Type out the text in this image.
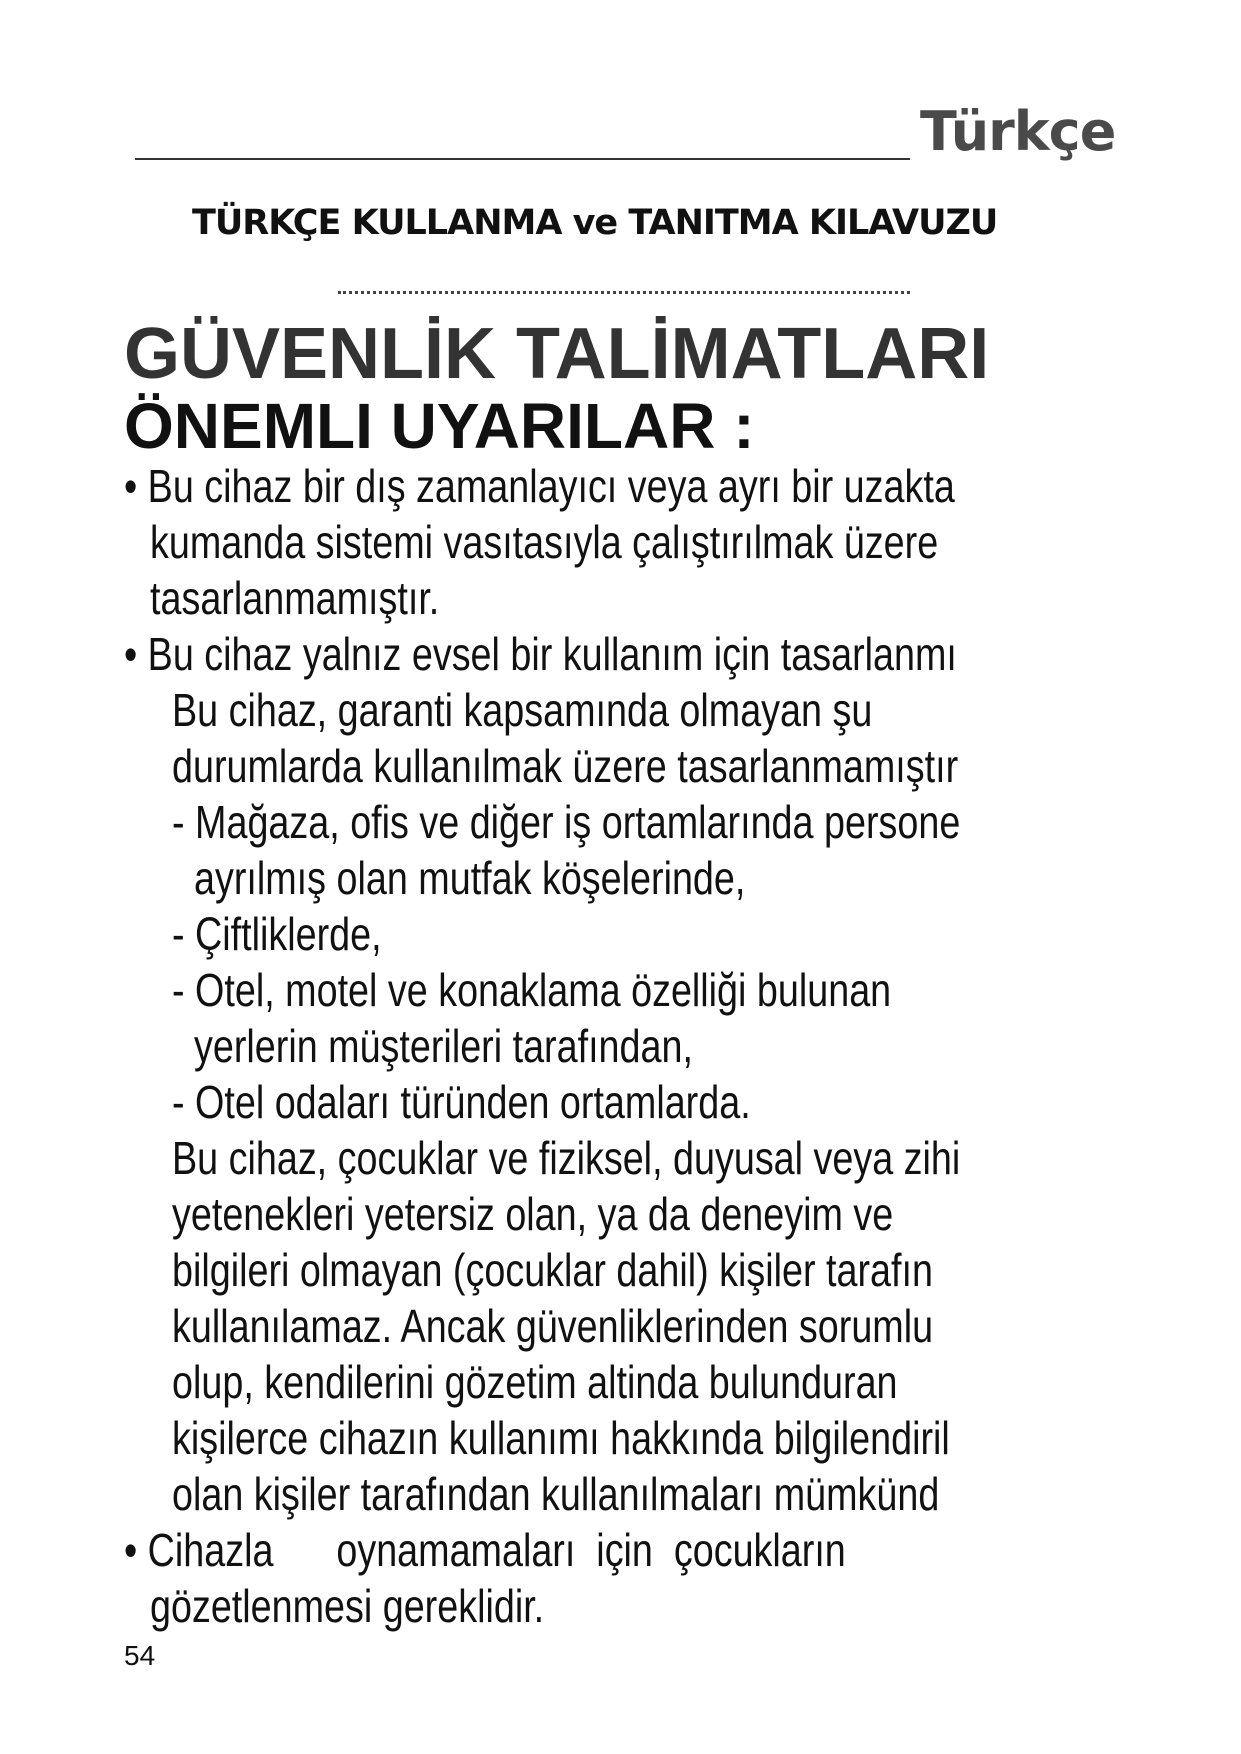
Türkçe
TÜRKÇE KULLANMA ve TANITMA KILAVUZU
GÜVENLİK TALİMATLARI
ÖNEMLI UYARILAR :
• Bu cihaz bir dış zamanlayıcı veya ayrı bir uzakta
kumanda sistemi vasıtasıyla çalıştırılmak üzere
tasarlanmamıştır.
• Bu cihaz yalnız evsel bir kullanım için tasarlanmı
Bu cihaz, garanti kapsamında olmayan şu
durumlarda kullanılmak üzere tasarlanmamıştır
- Mağaza, ofis ve diğer iş ortamlarında persone
ayrılmış olan mutfak köşelerinde,
- Çiftliklerde,
- Otel, motel ve konaklama özelliği bulunan
yerlerin müşterileri tarafından,
- Otel odaları türünden ortamlarda.
Bu cihaz, çocuklar ve fiziksel, duyusal veya zihi
yetenekleri yetersiz olan, ya da deneyim ve
bilgileri olmayan (çocuklar dahil) kişiler tarafın
kullanılamaz. Ancak güvenliklerinden sorumlu
olup, kendilerini gözetim altinda bulunduran
kişilerce cihazın kullanımı hakkında bilgilendiril
olan kişiler tarafından kullanılmaları mümkünd
• Cihazla      oynamamaları  için  çocukların
gözetlenmesi gereklidir.
54
